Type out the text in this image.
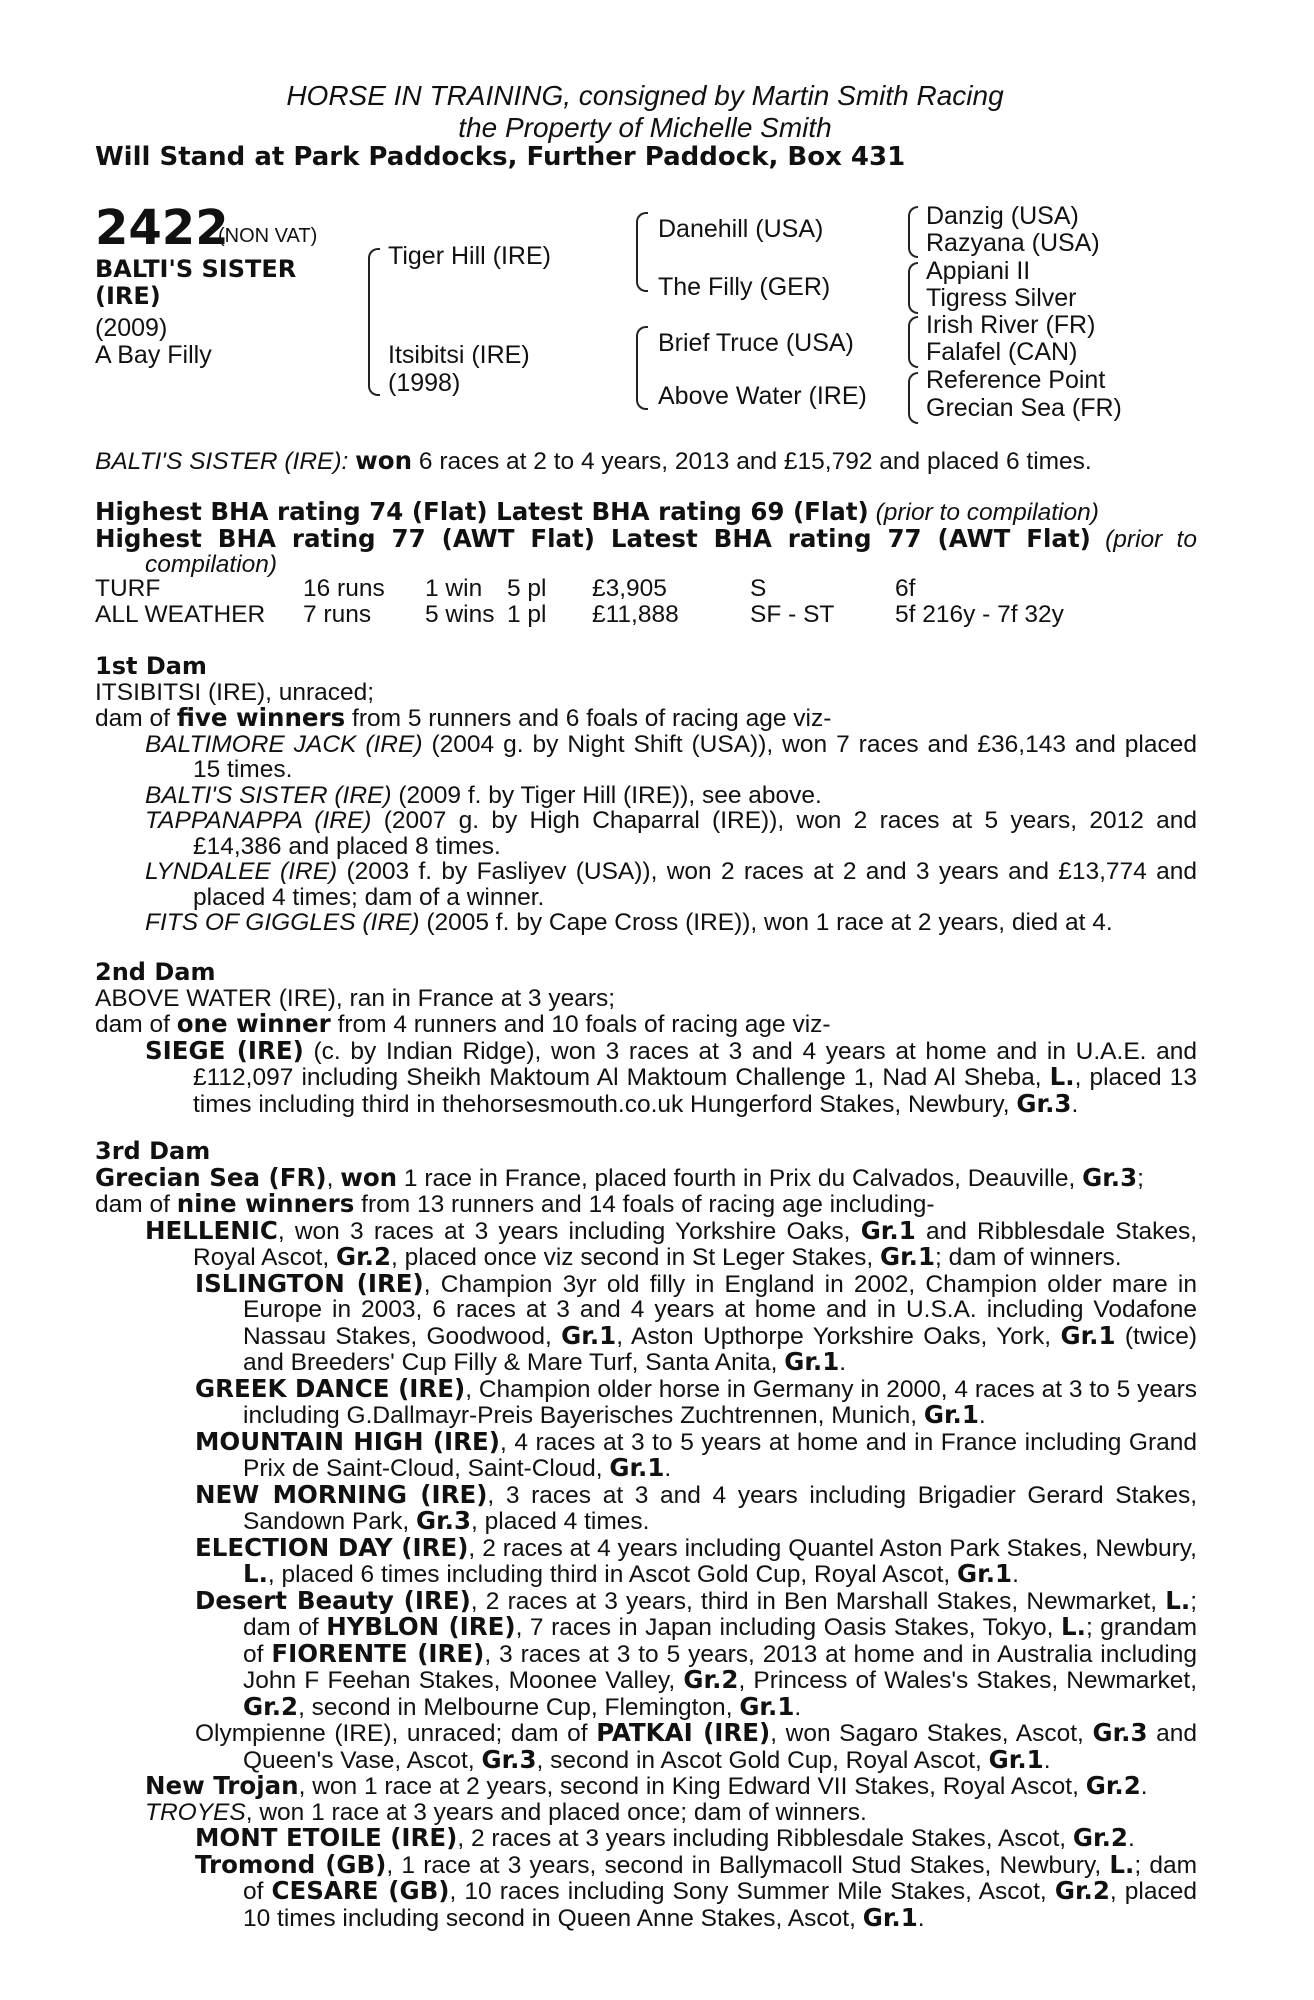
HORSE IN TRAINING, consigned by Martin Smith Racing
the Property of Michelle Smith
Will Stand at Park Paddocks, Further Paddock, Box 431
2422
(NON VAT)
BALTI'S SISTER
(IRE)
(2009)
A Bay Filly
Tiger Hill (IRE)
Itsibitsi (IRE)
(1998)
Danehill (USA)
The Filly (GER)
Brief Truce (USA)
Above Water (IRE)
Danzig (USA)
Razyana (USA)
Appiani II
Tigress Silver
Irish River (FR)
Falafel (CAN)
Reference Point
Grecian Sea (FR)
BALTI'S SISTER (IRE): won 6 races at 2 to 4 years, 2013 and £15,792 and placed 6 times.

Highest BHA rating 74 (Flat) Latest BHA rating 69 (Flat) (prior to compilation)

Highest BHA rating 77 (AWT Flat) Latest BHA rating 77 (AWT Flat) (prior to

compilation)

TURF	16 runs 1 win 5 pl £3,905	S	6f
ALL WEATHER 7 runs 5 wins 1 pl £11,888	SF - ST 5f 216y - 7f 32y

1st Dam

ITSIBITSI (IRE), unraced;

dam of five winners from 5 runners and 6 foals of racing age viz-

BALTIMORE JACK (IRE) (2004 g. by Night Shift (USA)), won 7 races and £36,143 and placed 15 times.

BALTI'S SISTER (IRE) (2009 f. by Tiger Hill (IRE)), see above.

TAPPANAPPA (IRE) (2007 g. by High Chaparral (IRE)), won 2 races at 5 years, 2012 and £14,386 and placed 8 times.

LYNDALEE (IRE) (2003 f. by Fasliyev (USA)), won 2 races at 2 and 3 years and £13,774 and placed 4 times; dam of a winner.

FITS OF GIGGLES (IRE) (2005 f. by Cape Cross (IRE)), won 1 race at 2 years, died at 4.

2nd Dam

ABOVE WATER (IRE), ran in France at 3 years;

dam of one winner from 4 runners and 10 foals of racing age viz-

SIEGE (IRE) (c. by Indian Ridge), won 3 races at 3 and 4 years at home and in U.A.E. and £112,097 including Sheikh Maktoum Al Maktoum Challenge 1, Nad Al Sheba, L., placed 13 times including third in thehorsesmouth.co.uk Hungerford Stakes, Newbury, Gr.3.

3rd Dam

Grecian Sea (FR), won 1 race in France, placed fourth in Prix du Calvados, Deauville, Gr.3;

dam of nine winners from 13 runners and 14 foals of racing age including-

HELLENIC, won 3 races at 3 years including Yorkshire Oaks, Gr.1 and Ribblesdale Stakes, Royal Ascot, Gr.2, placed once viz second in St Leger Stakes, Gr.1; dam of winners.

ISLINGTON (IRE), Champion 3yr old filly in England in 2002, Champion older mare in Europe in 2003, 6 races at 3 and 4 years at home and in U.S.A. including Vodafone Nassau Stakes, Goodwood, Gr.1, Aston Upthorpe Yorkshire Oaks, York, Gr.1 (twice) and Breeders' Cup Filly & Mare Turf, Santa Anita, Gr.1.

GREEK DANCE (IRE), Champion older horse in Germany in 2000, 4 races at 3 to 5 years including G.Dallmayr-Preis Bayerisches Zuchtrennen, Munich, Gr.1.

MOUNTAIN HIGH (IRE), 4 races at 3 to 5 years at home and in France including Grand Prix de Saint-Cloud, Saint-Cloud, Gr.1.

NEW MORNING (IRE), 3 races at 3 and 4 years including Brigadier Gerard Stakes, Sandown Park, Gr.3, placed 4 times.

ELECTION DAY (IRE), 2 races at 4 years including Quantel Aston Park Stakes, Newbury, L., placed 6 times including third in Ascot Gold Cup, Royal Ascot, Gr.1.

Desert Beauty (IRE), 2 races at 3 years, third in Ben Marshall Stakes, Newmarket, L.; dam of HYBLON (IRE), 7 races in Japan including Oasis Stakes, Tokyo, L.; grandam of FIORENTE (IRE), 3 races at 3 to 5 years, 2013 at home and in Australia including John F Feehan Stakes, Moonee Valley, Gr.2, Princess of Wales's Stakes, Newmarket, Gr.2, second in Melbourne Cup, Flemington, Gr.1.

Olympienne (IRE), unraced; dam of PATKAI (IRE), won Sagaro Stakes, Ascot, Gr.3 and Queen's Vase, Ascot, Gr.3, second in Ascot Gold Cup, Royal Ascot, Gr.1.

New Trojan, won 1 race at 2 years, second in King Edward VII Stakes, Royal Ascot, Gr.2.

TROYES, won 1 race at 3 years and placed once; dam of winners.

MONT ETOILE (IRE), 2 races at 3 years including Ribblesdale Stakes, Ascot, Gr.2.

Tromond (GB), 1 race at 3 years, second in Ballymacoll Stud Stakes, Newbury, L.; dam of CESARE (GB), 10 races including Sony Summer Mile Stakes, Ascot, Gr.2, placed 10 times including second in Queen Anne Stakes, Ascot, Gr.1.
